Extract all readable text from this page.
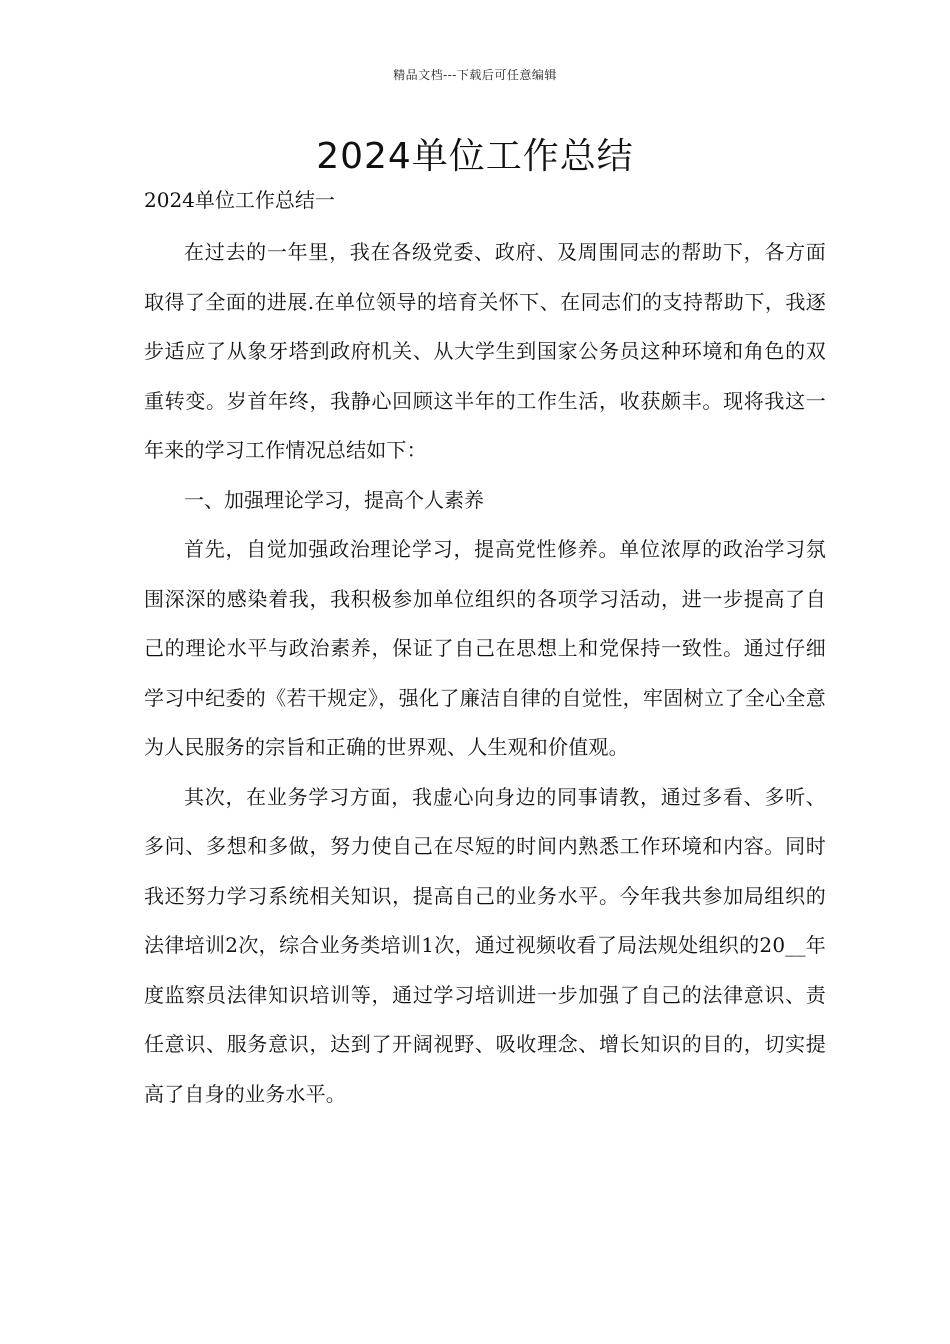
精品文档---下载后可任意编辑
2024单位工作总结

2024单位工作总结一

在过去的一年里，我在各级党委、政府、及周围同志的帮助下，各方面取得了全面的进展.在单位领导的培育关怀下、在同志们的支持帮助下，我逐步适应了从象牙塔到政府机关、从大学生到国家公务员这种环境和角色的双重转变。岁首年终，我静心回顾这半年的工作生活，收获颇丰。现将我这一年来的学习工作情况总结如下：

一、加强理论学习，提高个人素养

首先，自觉加强政治理论学习，提高党性修养。单位浓厚的政治学习氛围深深的感染着我，我积极参加单位组织的各项学习活动，进一步提高了自己的理论水平与政治素养，保证了自己在思想上和党保持一致性。通过仔细学习中纪委的《若干规定》，强化了廉洁自律的自觉性，牢固树立了全心全意为人民服务的宗旨和正确的世界观、人生观和价值观。

其次，在业务学习方面，我虚心向身边的同事请教，通过多看、多听、多问、多想和多做，努力使自己在尽短的时间内熟悉工作环境和内容。同时我还努力学习系统相关知识，提高自己的业务水平。今年我共参加局组织的法律培训2次，综合业务类培训1次，通过视频收看了局法规处组织的20__年度监察员法律知识培训等，通过学习培训进一步加强了自己的法律意识、责任意识、服务意识，达到了开阔视野、吸收理念、增长知识的目的，切实提高了自身的业务水平。
